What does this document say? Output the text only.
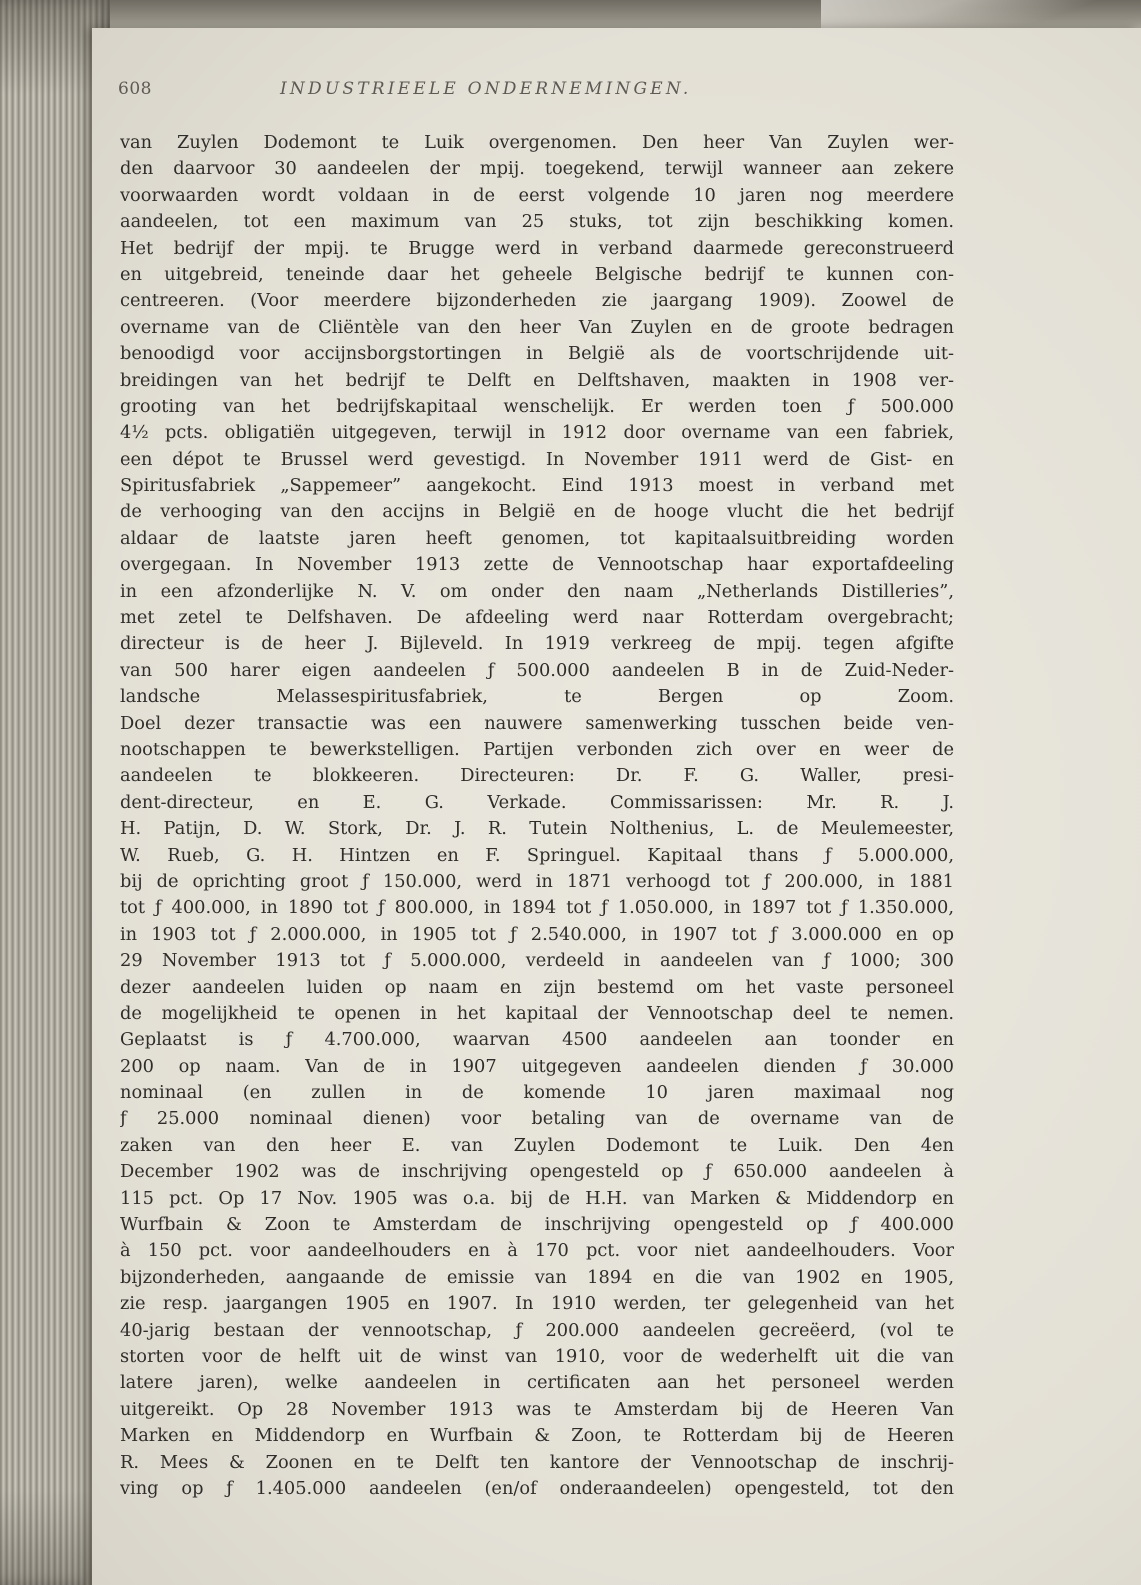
608	INDUSTRIEELE ONDERNEMINGEN.
van Zuylen Dodemont te Luik overgenomen. Den heer Van Zuylen wer-
den daarvoor 30 aandeelen der mpij. toegekend, terwijl wanneer aan zekere
voorwaarden wordt voldaan in de eerst volgende 10 jaren nog meerdere
aandeelen, tot een maximum van 25 stuks, tot zijn beschikking komen.
Het bedrijf der mpij. te Brugge werd in verband daarmede gereconstrueerd
en uitgebreid, teneinde daar het geheele Belgische bedrijf te kunnen con-
centreeren. (Voor meerdere bijzonderheden zie jaargang 1909). Zoowel de
overname van de Cliëntèle van den heer Van Zuylen en de groote bedragen
benoodigd voor accijnsborgstortingen in België als de voortschrijdende uit-
breidingen van het bedrijf te Delft en Delftshaven, maakten in 1908 ver-
grooting van het bedrijfskapitaal wenschelijk. Er werden toen ƒ 500.000
4½ pcts. obligatiën uitgegeven, terwijl in 1912 door overname van een fabriek,
een dépot te Brussel werd gevestigd. In November 1911 werd de Gist- en
Spiritusfabriek „Sappemeer” aangekocht. Eind 1913 moest in verband met
de verhooging van den accijns in België en de hooge vlucht die het bedrijf
aldaar de laatste jaren heeft genomen, tot kapitaalsuitbreiding worden
overgegaan. In November 1913 zette de Vennootschap haar exportafdeeling
in een afzonderlijke N. V. om onder den naam „Netherlands Distilleries”,
met zetel te Delfshaven. De afdeeling werd naar Rotterdam overgebracht;
directeur is de heer J. Bijleveld. In 1919 verkreeg de mpij. tegen afgifte
van 500 harer eigen aandeelen ƒ 500.000 aandeelen B in de Zuid-Neder-
landsche Melassespiritusfabriek, te Bergen op Zoom.
Doel dezer transactie was een nauwere samenwerking tusschen beide ven-
nootschappen te bewerkstelligen. Partijen verbonden zich over en weer de
aandeelen te blokkeeren. Directeuren: Dr. F. G. Waller, presi-
dent-directeur, en E. G. Verkade. Commissarissen: Mr. R. J.
H. Patijn, D. W. Stork, Dr. J. R. Tutein Nolthenius, L. de Meulemeester,
W. Rueb, G. H. Hintzen en F. Springuel. Kapitaal thans ƒ 5.000.000,
bij de oprichting groot ƒ 150.000, werd in 1871 verhoogd tot ƒ 200.000, in 1881
tot ƒ 400.000, in 1890 tot ƒ 800.000, in 1894 tot ƒ 1.050.000, in 1897 tot ƒ 1.350.000,
in 1903 tot ƒ 2.000.000, in 1905 tot ƒ 2.540.000, in 1907 tot ƒ 3.000.000 en op
29 November 1913 tot ƒ 5.000.000, verdeeld in aandeelen van ƒ 1000; 300
dezer aandeelen luiden op naam en zijn bestemd om het vaste personeel
de mogelijkheid te openen in het kapitaal der Vennootschap deel te nemen.
Geplaatst is ƒ 4.700.000, waarvan 4500 aandeelen aan toonder en
200 op naam. Van de in 1907 uitgegeven aandeelen dienden ƒ 30.000
nominaal (en zullen in de komende 10 jaren maximaal nog
ƒ 25.000 nominaal dienen) voor betaling van de overname van de
zaken van den heer E. van Zuylen Dodemont te Luik. Den 4en
December 1902 was de inschrijving opengesteld op ƒ 650.000 aandeelen à
115 pct. Op 17 Nov. 1905 was o.a. bij de H.H. van Marken & Middendorp en
Wurfbain & Zoon te Amsterdam de inschrijving opengesteld op ƒ 400.000
à 150 pct. voor aandeelhouders en à 170 pct. voor niet aandeelhouders. Voor
bijzonderheden, aangaande de emissie van 1894 en die van 1902 en 1905,
zie resp. jaargangen 1905 en 1907. In 1910 werden, ter gelegenheid van het
40-jarig bestaan der vennootschap, ƒ 200.000 aandeelen gecreëerd, (vol te
storten voor de helft uit de winst van 1910, voor de wederhelft uit die van
latere jaren), welke aandeelen in certificaten aan het personeel werden
uitgereikt. Op 28 November 1913 was te Amsterdam bij de Heeren Van
Marken en Middendorp en Wurfbain & Zoon, te Rotterdam bij de Heeren
R. Mees & Zoonen en te Delft ten kantore der Vennootschap de inschrij-
ving op ƒ 1.405.000 aandeelen (en/of onderaandeelen) opengesteld, tot den
